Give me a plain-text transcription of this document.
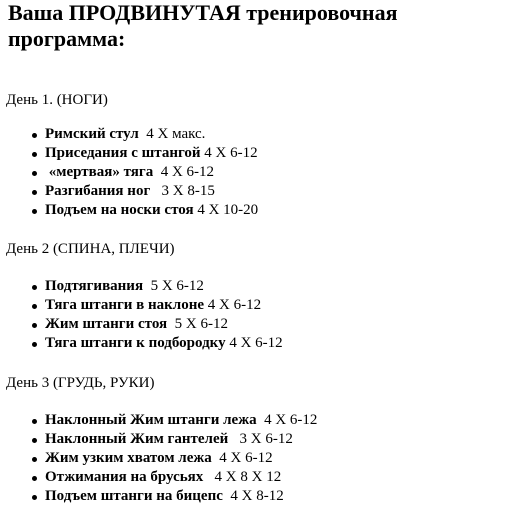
Ваша ПРОДВИНУТАЯ тренировочная программа:

День 1. (НОГИ)

Римский стул  4 X макс.
Приседания с штангой 4 X 6-12
«мертвая» тяга  4 X 6-12
Разгибания ног   3 X 8-15
Подъем на носки стоя 4 X 10-20

День 2 (СПИНА, ПЛЕЧИ)

Подтягивания  5 X 6-12
Тяга штанги в наклоне 4 X 6-12
Жим штанги стоя  5 X 6-12
Тяга штанги к подбородку 4 X 6-12

День 3 (ГРУДЬ, РУКИ)

Наклонный Жим штанги лежа  4 X 6-12
Наклонный Жим гантелей   3 X 6-12
Жим узким хватом лежа  4 X 6-12
Отжимания на брусьях   4 X 8 X 12
Подъем штанги на бицепс  4 X 8-12
